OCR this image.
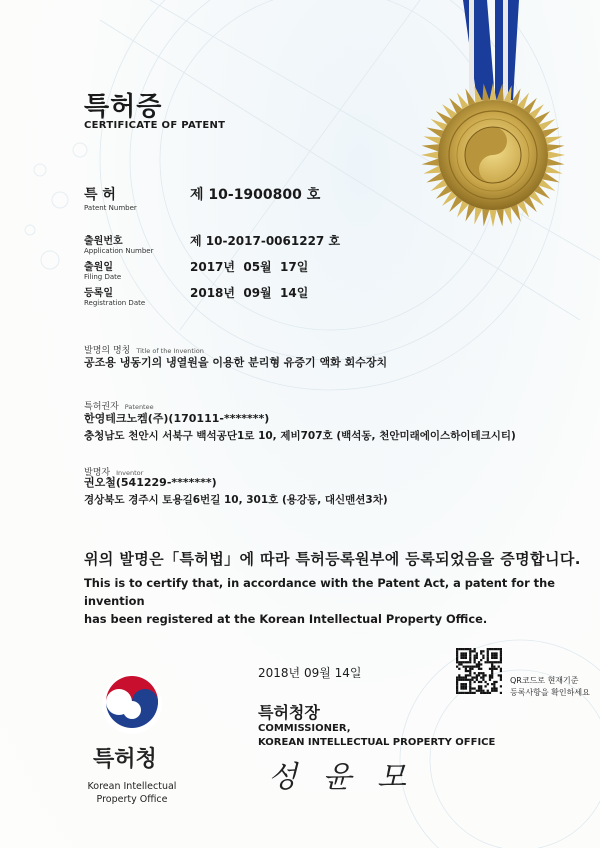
특허증
CERTIFICATE OF PATENT
특 허
Patent Number
제 10-1900800 호
출원번호
Application Number
제 10-2017-0061227 호
출원일
Filing Date
2017년  05월  17일
등록일
Registration Date
2018년  09월  14일
발명의 명칭 Title of the Invention
공조용 냉동기의 냉열원을 이용한 분리형 유증기 액화 회수장치
특허권자 Patentee
한영테크노켐(주)(170111-*******)
충청남도 천안시 서북구 백석공단1로 10, 제비707호 (백석동, 천안미래에이스하이테크시티)
발명자 Inventor
권오철(541229-*******)
경상북도 경주시 토용길6번길 10, 301호 (용강동, 대신맨션3차)
위의 발명은「특허법」에 따라 특허등록원부에 등록되었음을 증명합니다.
This is to certify that, in accordance with the Patent Act, a patent for the invention
has been registered at the Korean Intellectual Property Office.
2018년 09월 14일
QR코드로 현재기준
등록사항을 확인하세요
특허청장
COMMISSIONER,
KOREAN INTELLECTUAL PROPERTY OFFICE
성 윤 모
특허청
Korean Intellectual
Property Office
